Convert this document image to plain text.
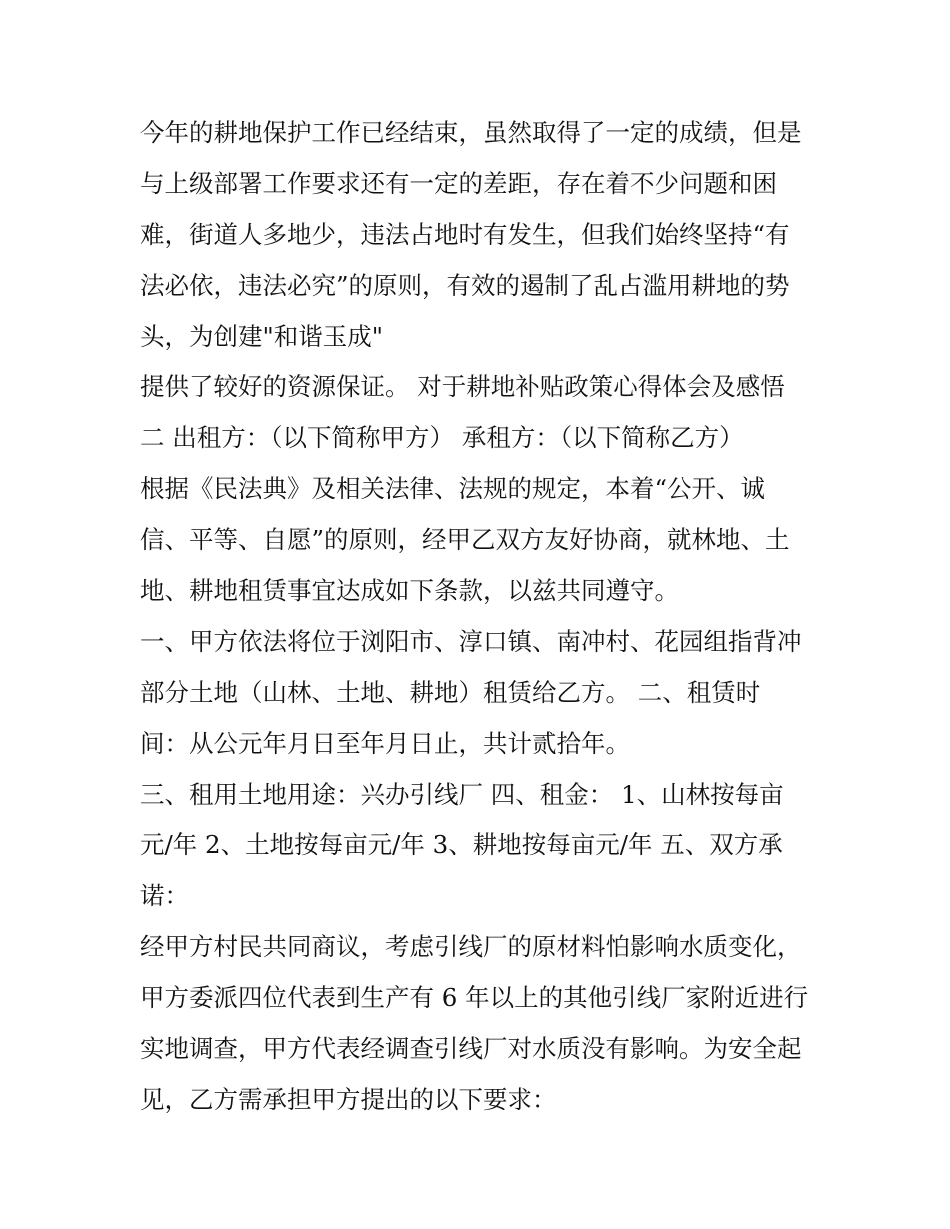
今年的耕地保护工作已经结束，虽然取得了一定的成绩，但是
与上级部署工作要求还有一定的差距，存在着不少问题和困
难，街道人多地少，违法占地时有发生，但我们始终坚持“有
法必依，违法必究”的原则，有效的遏制了乱占滥用耕地的势
头，为创建"和谐玉成"
提供了较好的资源保证。 对于耕地补贴政策心得体会及感悟
二 出租方：（以下简称甲方） 承租方：（以下简称乙方）
根据《民法典》及相关法律、法规的规定，本着“公开、诚
信、平等、自愿”的原则，经甲乙双方友好协商，就林地、土
地、耕地租赁事宜达成如下条款，以兹共同遵守。
一、甲方依法将位于浏阳市、淳口镇、南冲村、花园组指背冲
部分土地（山林、土地、耕地）租赁给乙方。 二、租赁时
间：从公元年月日至年月日止，共计贰拾年。
三、租用土地用途：兴办引线厂 四、租金： 1、山林按每亩
元/年 2、土地按每亩元/年 3、耕地按每亩元/年 五、双方承
诺：
经甲方村民共同商议，考虑引线厂的原材料怕影响水质变化，
甲方委派四位代表到生产有 6 年以上的其他引线厂家附近进行
实地调查，甲方代表经调查引线厂对水质没有影响。为安全起
见，乙方需承担甲方提出的以下要求：
